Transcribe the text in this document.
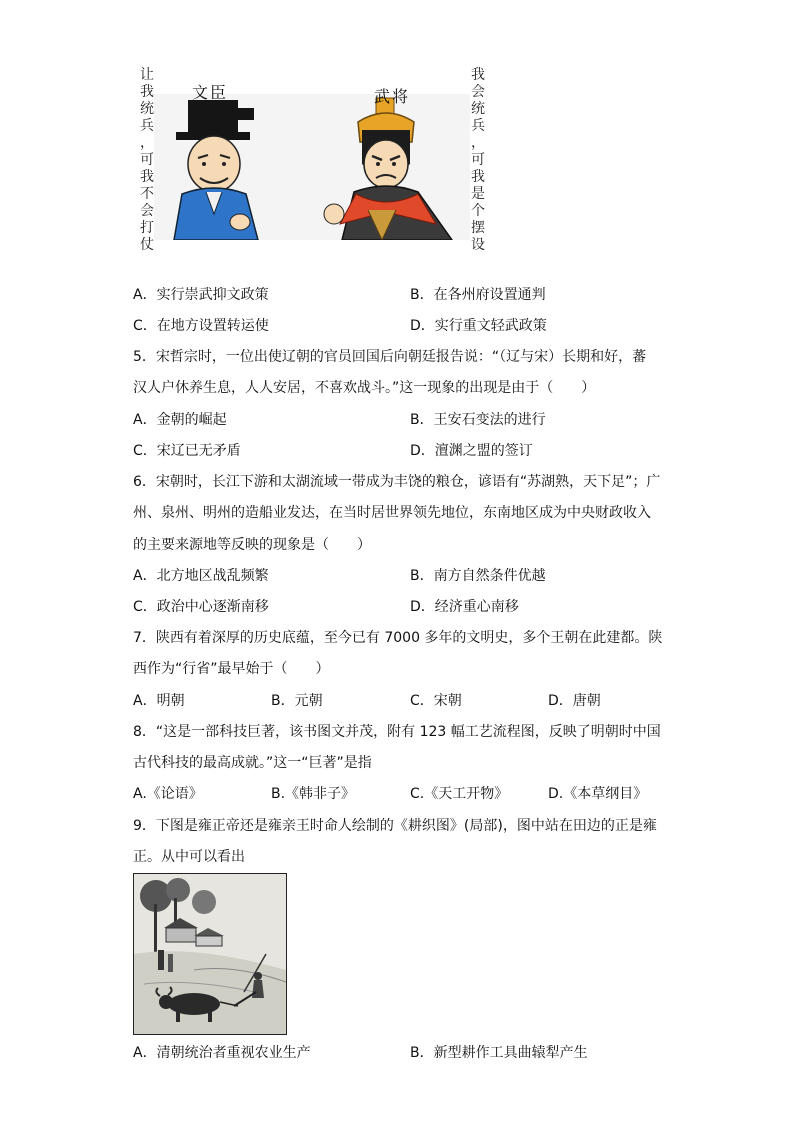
让
我
统
兵
，
可
我
不
会
打
仗
我
会
统
兵
，
可
我
是
个
摆
设
文臣	武将
A．实行崇武抑文政策	B．在各州府设置通判
C．在地方设置转运使	D．实行重文轻武政策
5．宋哲宗时，一位出使辽朝的官员回国后向朝廷报告说：“（辽与宋）长期和好，蕃
汉人户休养生息，人人安居，不喜欢战斗。”这一现象的出现是由于（　　）
A．金朝的崛起	B．王安石变法的进行
C．宋辽已无矛盾	D．澶渊之盟的签订
6．宋朝时，长江下游和太湖流域一带成为丰饶的粮仓，谚语有“苏湖熟，天下足”；广
州、泉州、明州的造船业发达，在当时居世界领先地位，东南地区成为中央财政收入
的主要来源地等反映的现象是（　　）
A．北方地区战乱频繁	B．南方自然条件优越
C．政治中心逐渐南移	D．经济重心南移
7．陕西有着深厚的历史底蕴，至今已有 7000 多年的文明史，多个王朝在此建都。陕
西作为“行省”最早始于（　　）
A．明朝	B．元朝	C．宋朝	D．唐朝
8．“这是一部科技巨著，该书图文并茂，附有 123 幅工艺流程图，反映了明朝时中国
古代科技的最高成就。”这一“巨著”是指
A.《论语》	B.《韩非子》	C.《天工开物》	D.《本草纲目》
9．下图是雍正帝还是雍亲王时命人绘制的《耕织图》(局部)，图中站在田边的正是雍
正。从中可以看出
A．清朝统治者重视农业生产	B．新型耕作工具曲辕犁产生
